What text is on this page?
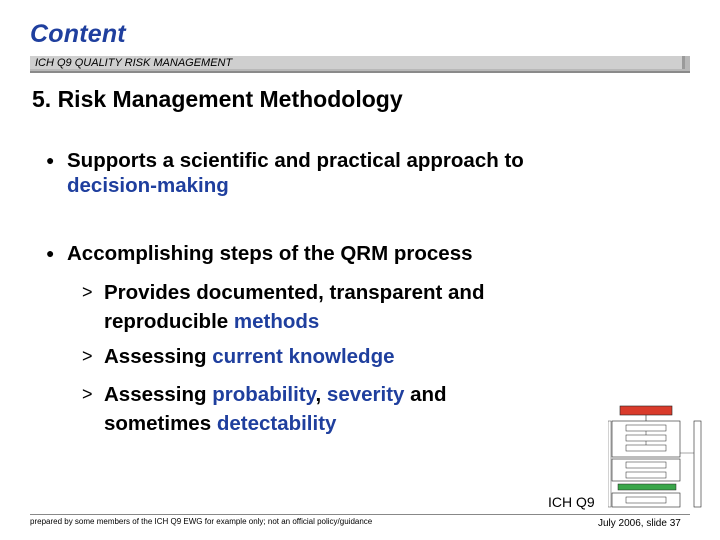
Content
ICH Q9 QUALITY RISK MANAGEMENT
5. Risk Management Methodology
● Supports a scientific and practical approach to
decision-making
● Accomplishing steps of the QRM process
> Provides documented, transparent and
reproducible methods
> Assessing current knowledge
> Assessing probability, severity and
sometimes detectability
ICH Q9
prepared by some members of the ICH Q9 EWG for example only; not an official policy/guidance	July 2006, slide 37
